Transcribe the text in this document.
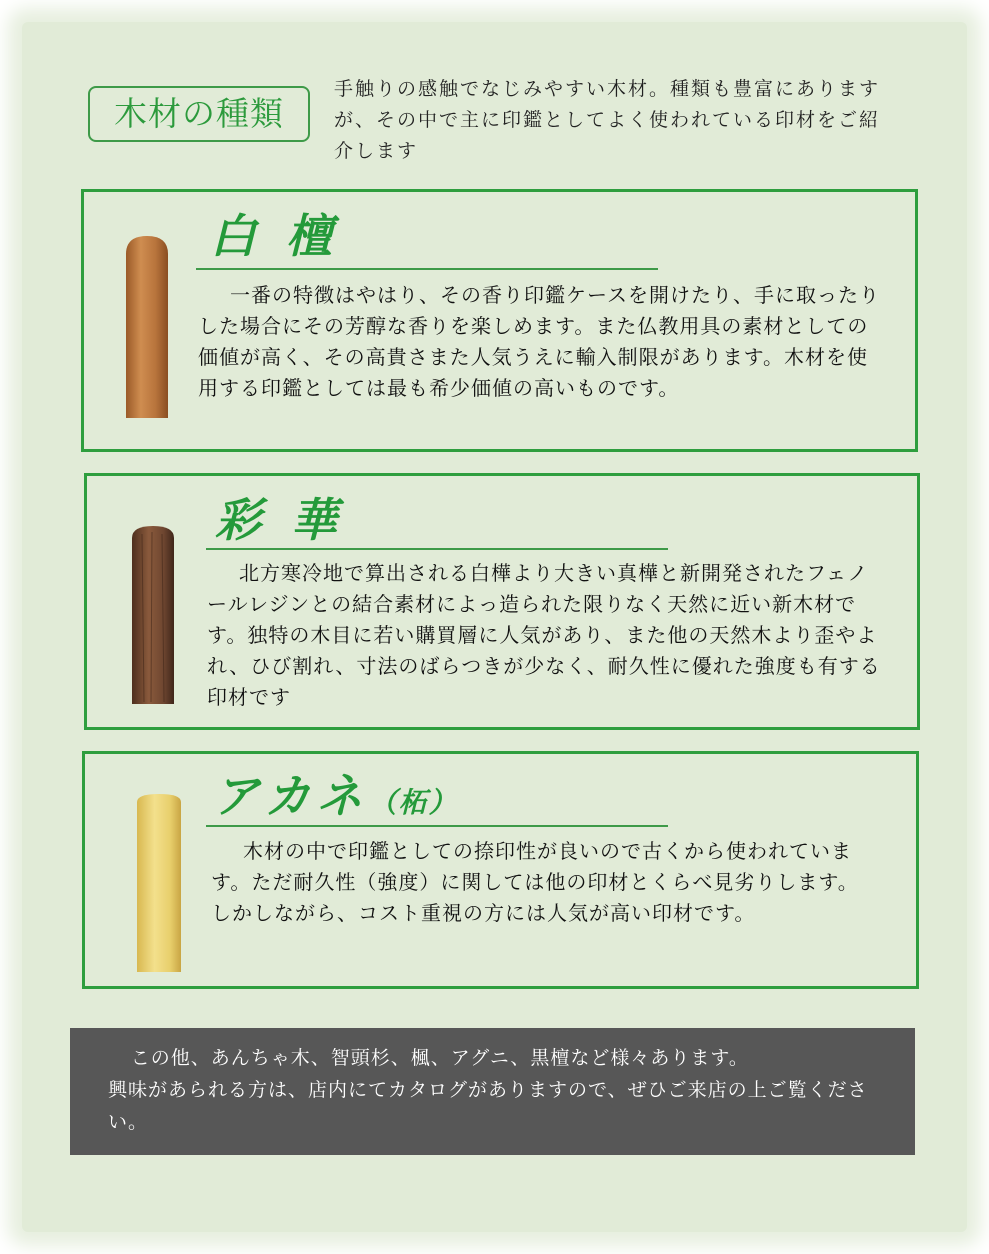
木材の種類
手触りの感触でなじみやすい木材。種類も豊富にありますが、その中で主に印鑑としてよく使われている印材をご紹介します
白檀
一番の特徴はやはり、その香り印鑑ケースを開けたり、手に取ったりした場合にその芳醇な香りを楽しめます。また仏教用具の素材としての価値が高く、その高貴さまた人気うえに輸入制限があります。木材を使用する印鑑としては最も希少価値の高いものです。
彩華
北方寒冷地で算出される白樺より大きい真樺と新開発されたフェノールレジンとの結合素材によっ造られた限りなく天然に近い新木材です。独特の木目に若い購買層に人気があり、また他の天然木より歪やよれ、ひび割れ、寸法のばらつきが少なく、耐久性に優れた強度も有する印材です
アカネ（柘）
木材の中で印鑑としての捺印性が良いので古くから使われています。ただ耐久性（強度）に関しては他の印材とくらべ見劣りします。しかしながら、コスト重視の方には人気が高い印材です。
この他、あんちゃ木、智頭杉、楓、アグニ、黒檀など様々あります。
興味があられる方は、店内にてカタログがありますので、ぜひご来店の上ご覧ください。
